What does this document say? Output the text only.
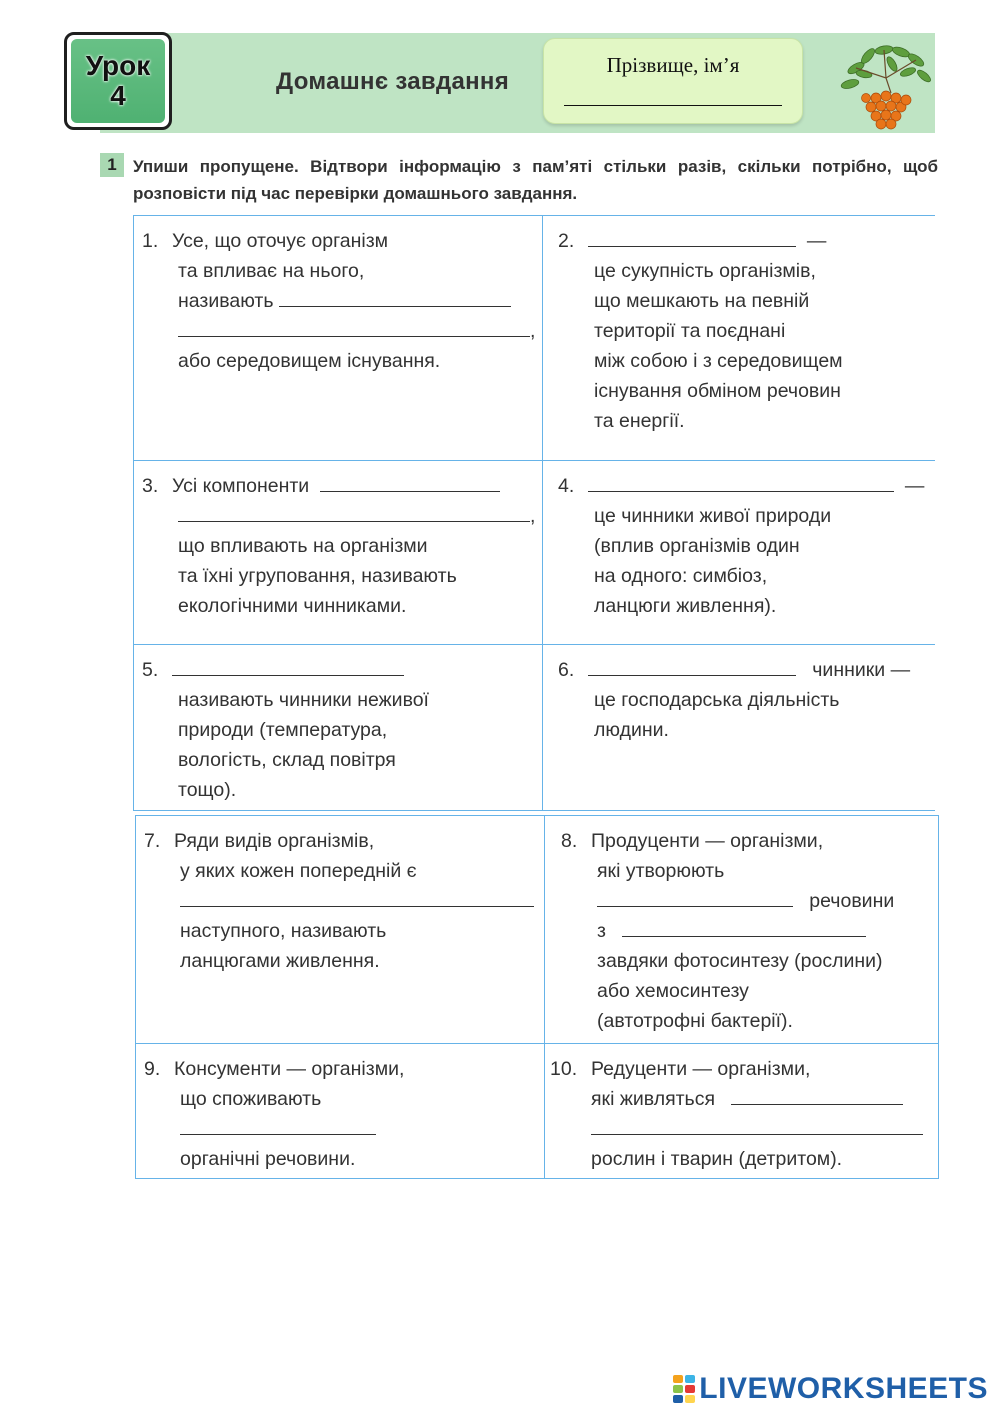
Урок
4	Домашнє завдання
Прізвище, ім’я
1 Упиши пропущене. Відтвори інформацію з пам’яті стільки разів, скільки потрібно, щоб розповісти під час перевірки домашнього завдання.
1. Усе, що оточує організм
та впливає на нього,
називають
,
або середовищем існування.
2.	—
це сукупність організмів,
що мешкають на певній
території та поєднані
між собою і з середовищем
існування обміном речовин
та енергії.
3. Усі компоненти
,
що впливають на організми
та їхні угруповання, називають
екологічними чинниками.
4.	—
це чинники живої природи
(вплив організмів один
на одного: симбіоз,
ланцюги живлення).
5.
називають чинники неживої
природи (температура,
вологість, склад повітря
тощо).
6.	чинники —
це господарська діяльність
людини.
7. Ряди видів організмів,
у яких кожен попередній є
наступного, називають
ланцюгами живлення.
8. Продуценти — організми,
які утворюють
речовини
з
завдяки фотосинтезу (рослини)
або хемосинтезу
(автотрофні бактерії).
9. Консументи — організми,
що споживають
органічні речовини.
10. Редуценти — організми,
які живляться
рослин і тварин (детритом).
LIVEWORKSHEETS
